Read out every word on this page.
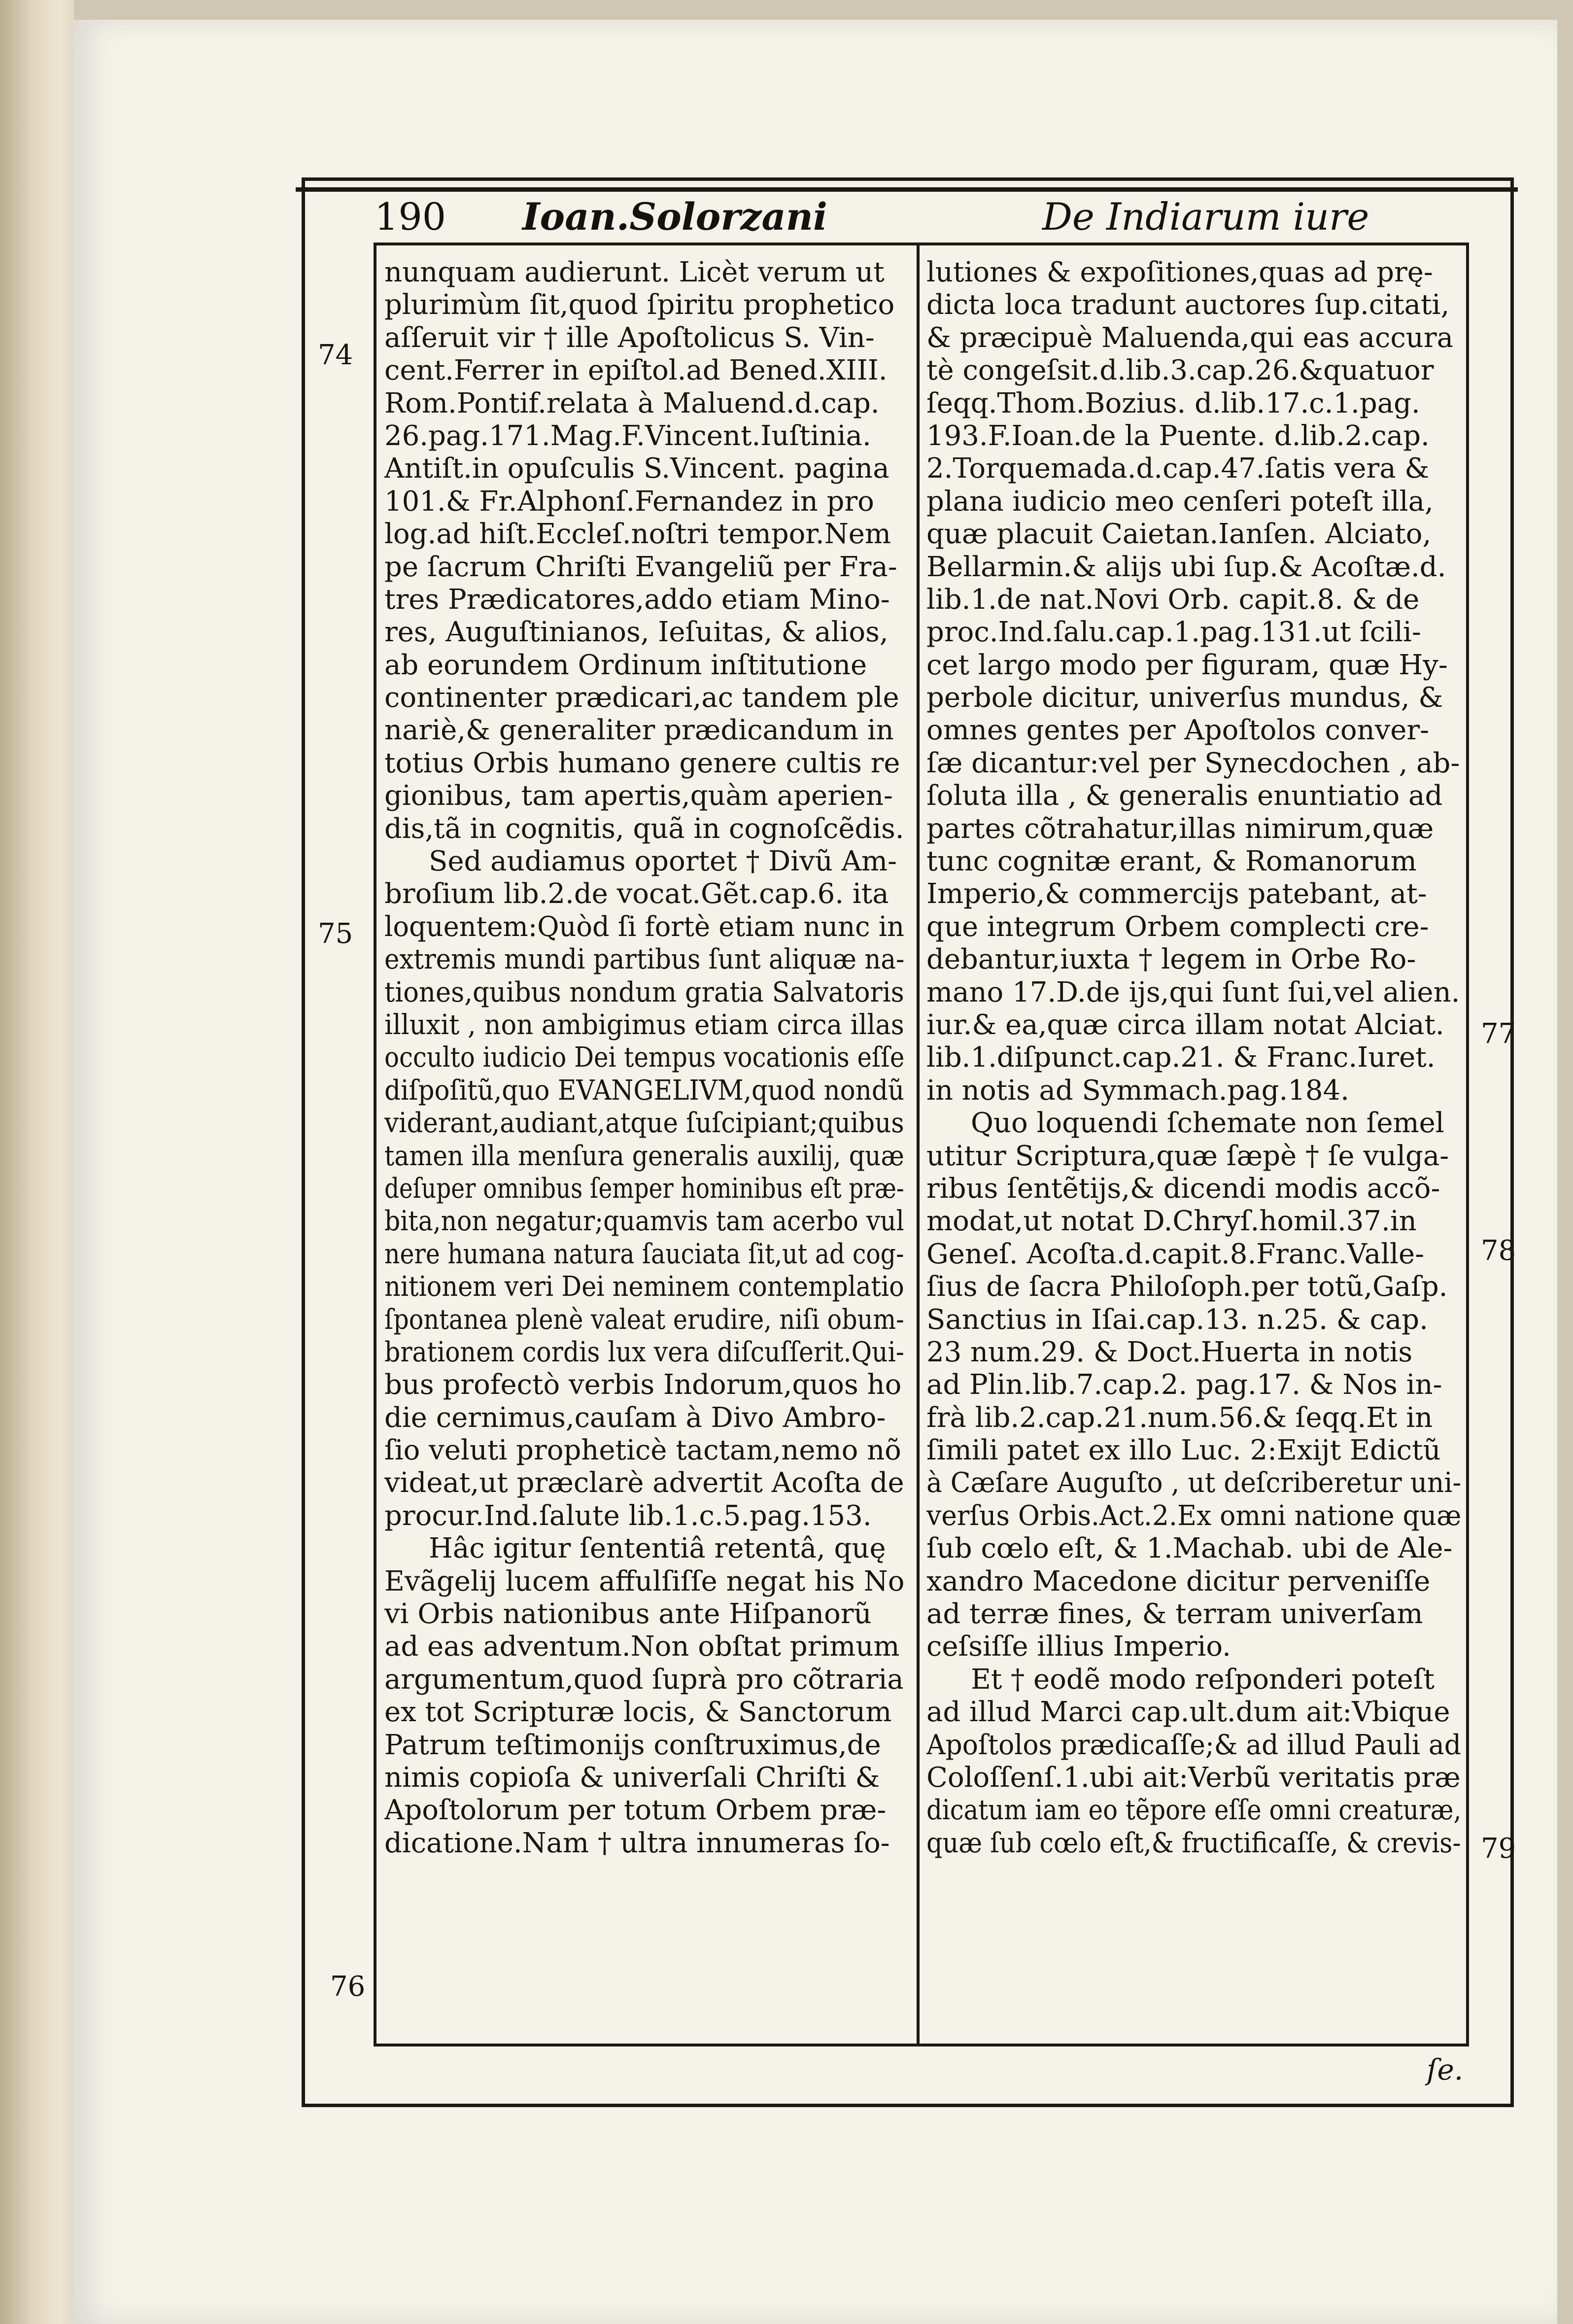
190 Ioan.Solorzani	De Indiarum iure
nunquam audierunt. Licèt verum ut
plurimùm ſit,quod ſpiritu prophetico
aſſeruit vir † ille Apoſtolicus S. Vin-
cent.Ferrer in epiſtol.ad Bened.XIII.
Rom.Pontif.relata à Maluend.d.cap.
26.pag.171.Mag.F.Vincent.Iuſtinia.
Antiſt.in opuſculis S.Vincent. pagina
101.& Fr.Alphonſ.Fernandez in pro
log.ad hiſt.Eccleſ.noſtri tempor.Nem
pe ſacrum Chriſti Evangeliũ per Fra-
tres Prædicatores,addo etiam Mino-
res, Auguſtinianos, Ieſuitas, & alios,
ab eorundem Ordinum inſtitutione
continenter prædicari,ac tandem ple
nariè,& generaliter prædicandum in
totius Orbis humano genere cultis re
gionibus, tam apertis,quàm aperien-
dis,tã in cognitis, quã in cognoſcẽdis.
Sed audiamus oportet † Divũ Am-
broſium lib.2.de vocat.Gẽt.cap.6. ita
loquentem:Quòd ſi fortè etiam nunc in
extremis mundi partibus ſunt aliquæ na-
tiones,quibus nondum gratia Salvatoris
illuxit , non ambigimus etiam circa illas
occulto iudicio Dei tempus vocationis eſſe
diſpoſitũ,quo EVANGELIVM,quod nondũ
viderant,audiant,atque ſuſcipiant;quibus
tamen illa menſura generalis auxilij, quæ
deſuper omnibus ſemper hominibus eſt præ-
bita,non negatur;quamvis tam acerbo vul
nere humana natura ſauciata ſit,ut ad cog-
nitionem veri Dei neminem contemplatio
ſpontanea plenè valeat erudire, niſi obum-
brationem cordis lux vera diſcuſſerit.Qui-
bus profectò verbis Indorum,quos ho
die cernimus,cauſam à Divo Ambro-
ſio veluti propheticè tactam,nemo nõ
videat,ut præclarè advertit Acoſta de
procur.Ind.ſalute lib.1.c.5.pag.153.
Hâc igitur ſententiâ retentâ, quę
Evãgelij lucem affulſiſſe negat his No
vi Orbis nationibus ante Hiſpanorũ
ad eas adventum.Non obſtat primum
argumentum,quod ſuprà pro cõtraria
ex tot Scripturæ locis, & Sanctorum
Patrum teſtimonijs conſtruximus,de
nimis copioſa & univerſali Chriſti &
Apoſtolorum per totum Orbem præ-
dicatione.Nam † ultra innumeras ſo-
lutiones & expoſitiones,quas ad prę-
dicta loca tradunt auctores ſup.citati,
& præcipuè Maluenda,qui eas accura
tè congeſsit.d.lib.3.cap.26.&quatuor
ſeqq.Thom.Bozius. d.lib.17.c.1.pag.
193.F.Ioan.de la Puente. d.lib.2.cap.
2.Torquemada.d.cap.47.ſatis vera &
plana iudicio meo cenſeri poteſt illa,
quæ placuit Caietan.Ianſen. Alciato,
Bellarmin.& alijs ubi ſup.& Acoſtæ.d.
lib.1.de nat.Novi Orb. capit.8. & de
proc.Ind.ſalu.cap.1.pag.131.ut ſcili-
cet largo modo per figuram, quæ Hy-
perbole dicitur, univerſus mundus, &
omnes gentes per Apoſtolos conver-
ſæ dicantur:vel per Synecdochen , ab-
ſoluta illa , & generalis enuntiatio ad
partes cõtrahatur,illas nimirum,quæ
tunc cognitæ erant, & Romanorum
Imperio,& commercijs patebant, at-
que integrum Orbem complecti cre-
debantur,iuxta † legem in Orbe Ro-
mano 17.D.de ijs,qui ſunt ſui,vel alien.
iur.& ea,quæ circa illam notat Alciat.
lib.1.diſpunct.cap.21. & Franc.Iuret.
in notis ad Symmach.pag.184.
Quo loquendi ſchemate non ſemel
utitur Scriptura,quæ ſæpè † ſe vulga-
ribus ſentẽtijs,& dicendi modis accõ-
modat,ut notat D.Chryſ.homil.37.in
Geneſ. Acoſta.d.capit.8.Franc.Valle-
ſius de ſacra Philoſoph.per totũ,Gaſp.
Sanctius in Iſai.cap.13. n.25. & cap.
23 num.29. & Doct.Huerta in notis
ad Plin.lib.7.cap.2. pag.17. & Nos in-
frà lib.2.cap.21.num.56.& ſeqq.Et in
ſimili patet ex illo Luc. 2:Exijt Edictũ
à Cæſare Auguſto , ut deſcriberetur uni-
verſus Orbis.Act.2.Ex omni natione quæ
ſub cœlo eſt, & 1.Machab. ubi de Ale-
xandro Macedone dicitur perveniſſe
ad terræ fines, & terram univerſam
ceſsiſſe illius Imperio.
Et † eodẽ modo reſponderi poteſt
ad illud Marci cap.ult.dum ait:Vbique
Apoſtolos prædicaſſe;& ad illud Pauli ad
Coloſſenſ.1.ubi ait:Verbũ veritatis præ
dicatum iam eo tẽpore eſſe omni creaturæ,
quæ ſub cœlo eſt,& fructificaſſe, & crevis-
74
75
76
77
78
79
ſe.
